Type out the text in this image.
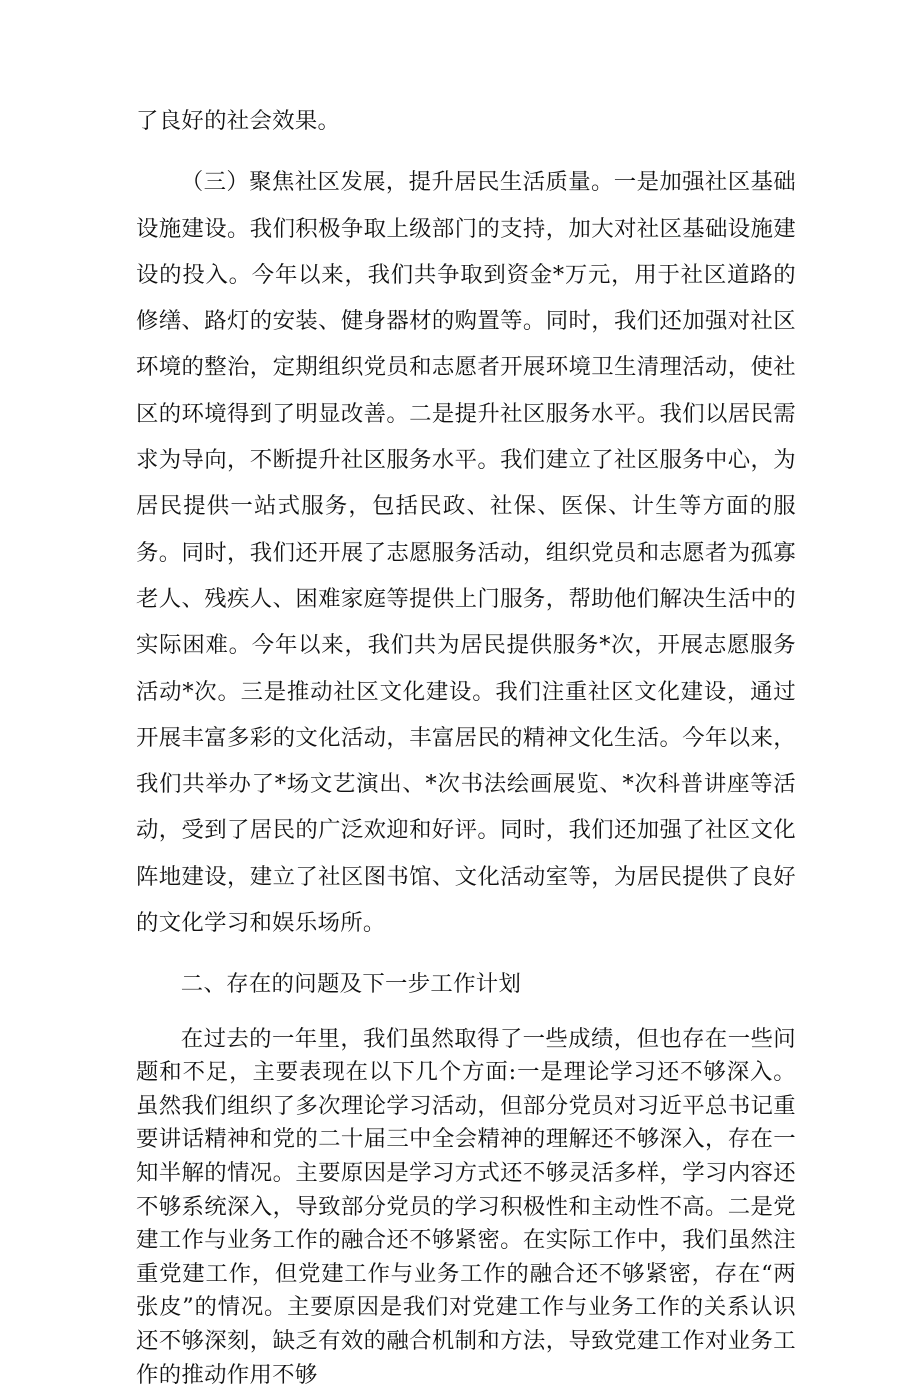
了良好的社会效果。

（三）聚焦社区发展，提升居民生活质量。一是加强社区基础设施建设。我们积极争取上级部门的支持，加大对社区基础设施建设的投入。今年以来，我们共争取到资金*万元，用于社区道路的修缮、路灯的安装、健身器材的购置等。同时，我们还加强对社区环境的整治，定期组织党员和志愿者开展环境卫生清理活动，使社区的环境得到了明显改善。二是提升社区服务水平。我们以居民需求为导向，不断提升社区服务水平。我们建立了社区服务中心，为居民提供一站式服务，包括民政、社保、医保、计生等方面的服务。同时，我们还开展了志愿服务活动，组织党员和志愿者为孤寡老人、残疾人、困难家庭等提供上门服务，帮助他们解决生活中的实际困难。今年以来，我们共为居民提供服务*次，开展志愿服务活动*次。三是推动社区文化建设。我们注重社区文化建设，通过开展丰富多彩的文化活动，丰富居民的精神文化生活。今年以来，我们共举办了*场文艺演出、*次书法绘画展览、*次科普讲座等活动，受到了居民的广泛欢迎和好评。同时，我们还加强了社区文化阵地建设，建立了社区图书馆、文化活动室等，为居民提供了良好的文化学习和娱乐场所。

二、存在的问题及下一步工作计划

在过去的一年里，我们虽然取得了一些成绩，但也存在一些问题和不足，主要表现在以下几个方面:一是理论学习还不够深入。虽然我们组织了多次理论学习活动，但部分党员对习近平总书记重要讲话精神和党的二十届三中全会精神的理解还不够深入，存在一知半解的情况。主要原因是学习方式还不够灵活多样，学习内容还不够系统深入，导致部分党员的学习积极性和主动性不高。二是党建工作与业务工作的融合还不够紧密。在实际工作中，我们虽然注重党建工作，但党建工作与业务工作的融合还不够紧密，存在“两张皮”的情况。主要原因是我们对党建工作与业务工作的关系认识还不够深刻，缺乏有效的融合机制和方法，导致党建工作对业务工作的推动作用不够
